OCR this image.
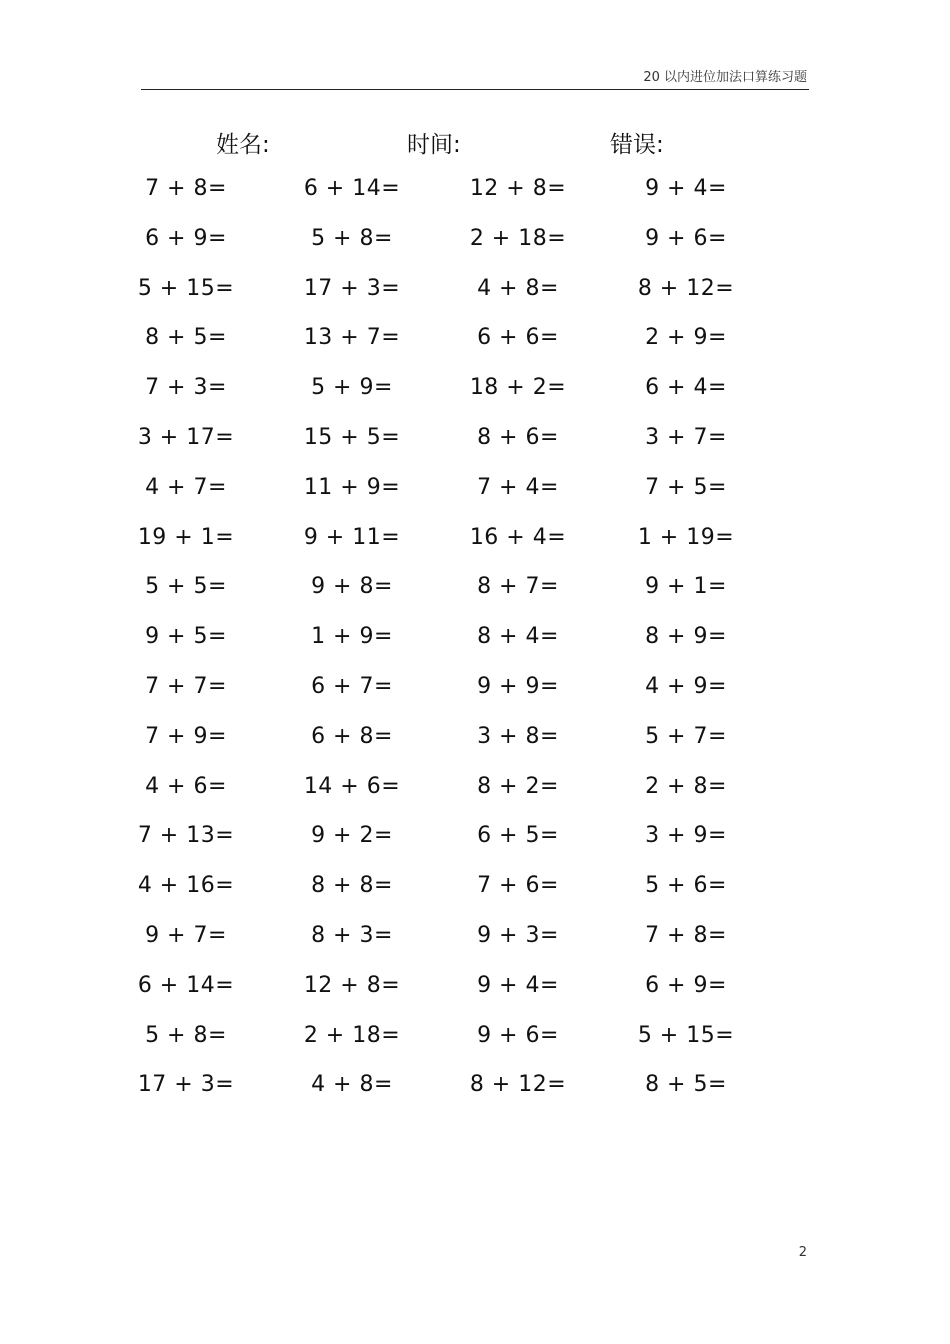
20 以内进位加法口算练习题
姓名:	时间:	错误:
7 + 8=	6 + 14=	12 + 8=	9 + 4=
6 + 9=	5 + 8=	2 + 18=	9 + 6=
5 + 15=	17 + 3=	4 + 8=	8 + 12=
8 + 5=	13 + 7=	6 + 6=	2 + 9=
7 + 3=	5 + 9=	18 + 2=	6 + 4=
3 + 17=	15 + 5=	8 + 6=	3 + 7=
4 + 7=	11 + 9=	7 + 4=	7 + 5=
19 + 1=	9 + 11=	16 + 4=	1 + 19=
5 + 5=	9 + 8=	8 + 7=	9 + 1=
9 + 5=	1 + 9=	8 + 4=	8 + 9=
7 + 7=	6 + 7=	9 + 9=	4 + 9=
7 + 9=	6 + 8=	3 + 8=	5 + 7=
4 + 6=	14 + 6=	8 + 2=	2 + 8=
7 + 13=	9 + 2=	6 + 5=	3 + 9=
4 + 16=	8 + 8=	7 + 6=	5 + 6=
9 + 7=	8 + 3=	9 + 3=	7 + 8=
6 + 14=	12 + 8=	9 + 4=	6 + 9=
5 + 8=	2 + 18=	9 + 6=	5 + 15=
17 + 3=	4 + 8=	8 + 12=	8 + 5=
2
